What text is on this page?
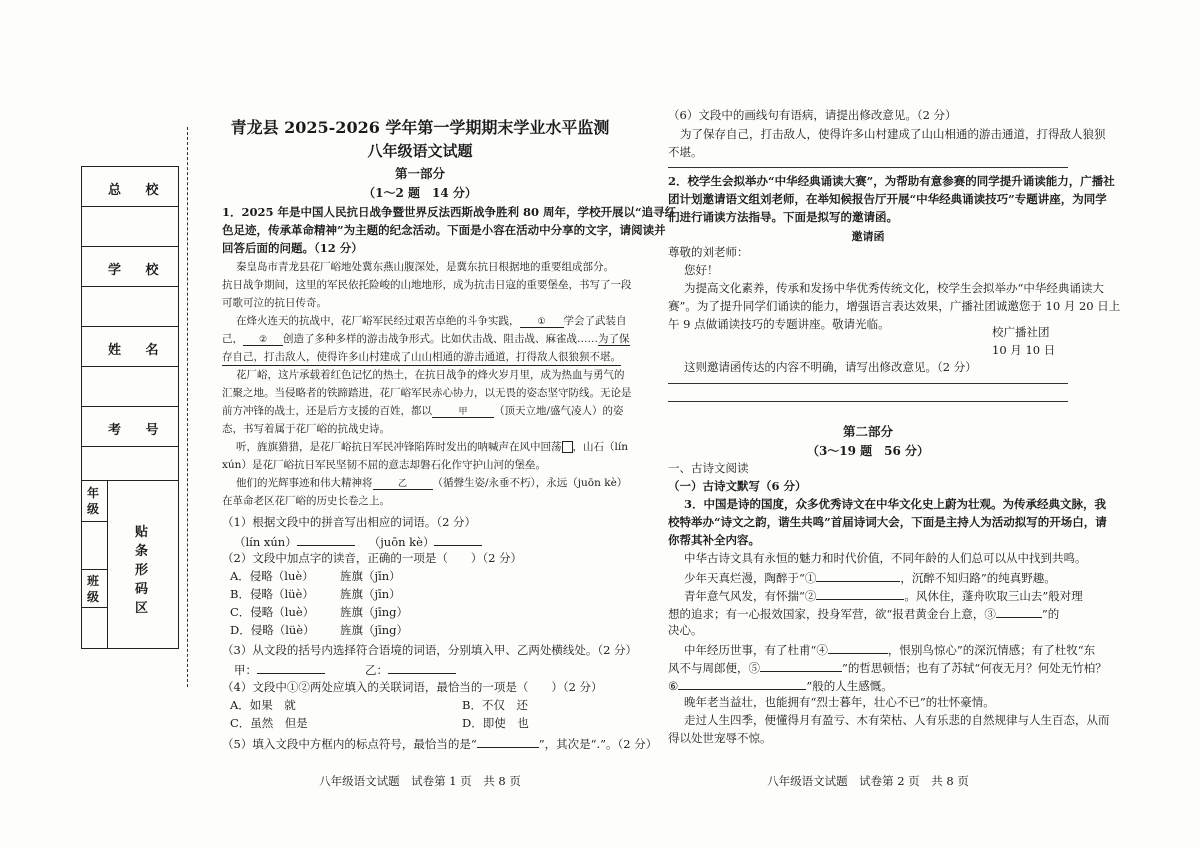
总 校
学 校
姓 名
考 号
年级
班级
贴条形码区
青龙县 2025-2026 学年第一学期期末学业水平监测
八年级语文试题
第一部分
（1～2 题　14 分）
1．2025 年是中国人民抗日战争暨世界反法西斯战争胜利 80 周年，学校开展以“追寻红
色足迹，传承革命精神”为主题的纪念活动。下面是小容在活动中分享的文字，请阅读并
回答后面的问题。（12 分）
秦皇岛市青龙县花厂峪地处冀东燕山腹深处，是冀东抗日根据地的重要组成部分。
抗日战争期间，这里的军民依托险峻的山地地形，成为抗击日寇的重要堡垒，书写了一段
可歌可泣的抗日传奇。
在烽火连天的抗战中，花厂峪军民经过艰苦卓绝的斗争实践， ① 学会了武装自
己， ② 创造了多种多样的游击战争形式。比如伏击战、阻击战、麻雀战……为了保
存自己，打击敌人，使得许多山村建成了山山相通的游击通道，打得敌人很狼狈不堪。
花厂峪，这片承载着红色记忆的热土，在抗日战争的烽火岁月里，成为热血与勇气的
汇聚之地。当侵略者的铁蹄踏进，花厂峪军民赤心协力，以无畏的姿态坚守防线。无论是
前方冲锋的战士，还是后方支援的百姓，都以	甲	（顶天立地/盛气凌人）的姿
态，书写着属于花厂峪的抗战史诗。
听，旌旗猎猎，是花厂峪抗日军民冲锋陷阵时发出的呐喊声在风中回荡 ，山石（lín
xún）是花厂峪抗日军民坚韧不屈的意志却磐石化作守护山河的堡垒。
他们的光辉事迹和伟大精神将	乙 （循聲生姿/永垂不朽），永远（juōn kè）
在革命老区花厂峪的历史长卷之上。
（1）根据文段中的拼音写出相应的词语。（2 分）
（lín xún）	（juōn kè）
（2）文段中加点字的读音，正确的一项是（　　）（2 分）
A．侵略（luè） 旌旗（jīn）
B．侵略（lüè） 旌旗（jīn）
C．侵略（luè） 旌旗（jīng）
D．侵略（lüè） 旌旗（jīng）
（3）从文段的括号内选择符合语境的词语，分别填入甲、乙两处横线处。（2 分）
甲：	乙：
（4）文段中①②两处应填入的关联词语，最恰当的一项是（　　）（2 分）
A．如果　就	B．不仅　还
C．虽然　但是	D．即使　也
（5）填入文段中方框内的标点符号，最恰当的是“	”，其次是“.”。（2 分）
八年级语文试题　试卷第 1 页　共 8 页
（6）文段中的画线句有语病，请提出修改意见。（2 分）
为了保存自己，打击敌人，使得许多山村建成了山山相通的游击通道，打得敌人狼狈
不堪。
2．校学生会拟举办“中华经典诵读大赛”，为帮助有意参赛的同学提升诵读能力，广播社
团计划邀请语文组刘老师，在举知候报告厅开展“中华经典诵读技巧”专题讲座，为同学
们进行诵读方法指导。下面是拟写的邀请函。
邀请函
尊敬的刘老师：
您好！
为提高文化素养，传承和发扬中华优秀传统文化，校学生会拟举办“中华经典诵读大
赛”。为了提升同学们诵读的能力，增强语言表达效果，广播社团诚邀您于 10 月 20 日上
午 9 点做诵读技巧的专题讲座。敬请光临。
校广播社团
10 月 10 日
这则邀请函传达的内容不明确，请写出修改意见。（2 分）
第二部分
（3～19 题　56 分）
一、古诗文阅读
（一）古诗文默写（6 分）
3．中国是诗的国度，众多优秀诗文在中华文化史上蔚为壮观。为传承经典文脉，我
校特举办“诗文之韵，谐生共鸣”首届诗词大会，下面是主持人为活动拟写的开场白，请
你帮其补全内容。
中华古诗文具有永恒的魅力和时代价值，不同年龄的人们总可以从中找到共鸣。
少年天真烂漫，陶醉于“①	，沉醉不知归路”的纯真野趣。
青年意气风发，有怀揣“②	。风休住，蓬舟吹取三山去”般对理
想的追求；有一心报效国家，投身军营，欲“报君黄金台上意，③	”的
决心。
中年经历世事，有了杜甫“④	，恨别鸟惊心”的深沉情感；有了杜牧“东
风不与周郎便，⑤	”的哲思顿悟；也有了苏轼“何夜无月？何处无竹柏？
⑥	”般的人生感慨。
晚年老当益壮，也能拥有“烈士暮年，壮心不已”的壮怀豪情。
走过人生四季，便懂得月有盈亏、木有荣枯、人有乐悲的自然规律与人生百态，从而
得以处世宠辱不惊。
八年级语文试题　试卷第 2 页　共 8 页
